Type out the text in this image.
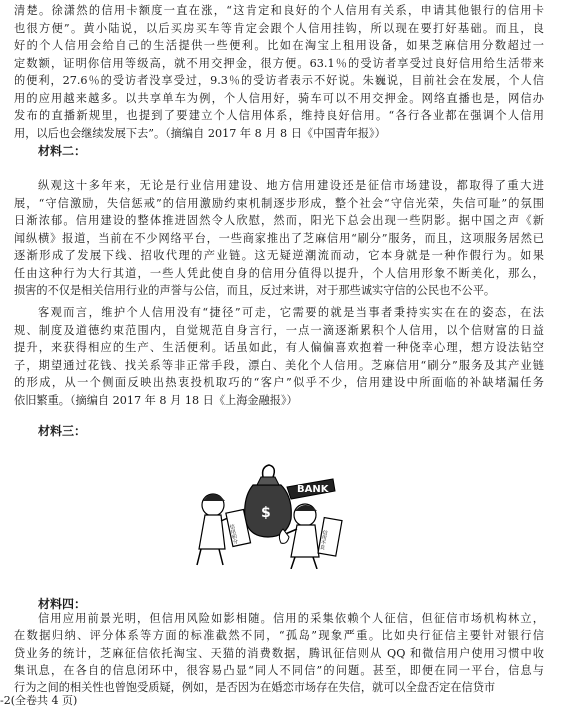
清楚。徐潇然的信用卡额度一直在涨，“这肯定和良好的个人信用有关系，申请其他银行的信用卡
也很方便”。黄小陆说，以后买房买车等肯定会跟个人信用挂钩，所以现在要打好基础。而且，良
好的个人信用会给自己的生活提供一些便利。比如在淘宝上租用设备，如果芝麻信用分数超过一
定数额，证明你信用等级高，就不用交押金，很方便。63.1％的受访者享受过良好信用给生活带来
的便利，27.6％的受访者没享受过，9.3％的受访者表示不好说。朱巍说，目前社会在发展，个人信
用的应用越来越多。以共享单车为例，个人信用好，骑车可以不用交押金。网络直播也是，网信办
发布的直播新规里，也提到了要建立个人信用体系，维持良好信用。“各行各业都在强调个人信用
用，以后也会继续发展下去”。（摘编自 2017 年 8 月 8 日《中国青年报》）
材料二：
纵观这十多年来，无论是行业信用建设、地方信用建设还是征信市场建设，都取得了重大进
展，“守信激励，失信惩戒”的信用激励约束机制逐步形成，整个社会“守信光荣，失信可耻”的氛围
日渐浓郁。信用建设的整体推进固然令人欣慰，然而，阳光下总会出现一些阴影。据中国之声《新
闻纵横》报道，当前在不少网络平台，一些商家推出了芝麻信用“刷分”服务，而且，这项服务居然已
逐渐形成了发展下线、招收代理的产业链。这无疑逆潮流而动，它本身就是一种作假行为。如果
任由这种行为大行其道，一些人凭此使自身的信用分值得以提升，个人信用形象不断美化，那么，
损害的不仅是相关信用行业的声誉与公信，而且，反过来讲，对于那些诚实守信的公民也不公平。
客观而言，维护个人信用没有“捷径”可走，它需要的就是当事者秉持实实在在的姿态，在法
规、制度及道德约束范围内，自觉规范自身言行，一点一滴逐渐累积个人信用，以个信财富的日益
提升，来获得相应的生产、生活便利。话虽如此，有人偏偏喜欢抱着一种侥幸心理，想方设法钻空
子，期望通过花钱、找关系等非正常手段，漂白、美化个人信用。芝麻信用“刷分”服务及其产业链
的形成，从一个侧面反映出热衷投机取巧的“客户”似乎不少，信用建设中所面临的补缺堵漏任务
依旧繁重。（摘编自 2017 年 8 月 18 日《上海金融报》）
材料三：
$
BANK
信用积分	信用不良
材料四：
信用应用前景光明，但信用风险如影相随。信用的采集依赖个人征信，但征信市场机构林立，
在数据归纳、评分体系等方面的标准截然不同，“孤岛”现象严重。比如央行征信主要针对银行信
贷业务的统计，芝麻征信依托淘宝、天猫的消费数据，腾讯征信则从 QQ 和微信用户使用习惯中收
集讯息，在各自的信息闭环中，很容易凸显“同人不同信”的问题。甚至，即便在同一平台，信息与
行为之间的相关性也曾饱受质疑，例如，是否因为在婚恋市场存在失信，就可以全盘否定在信贷市
-2(全卷共 4 页)
